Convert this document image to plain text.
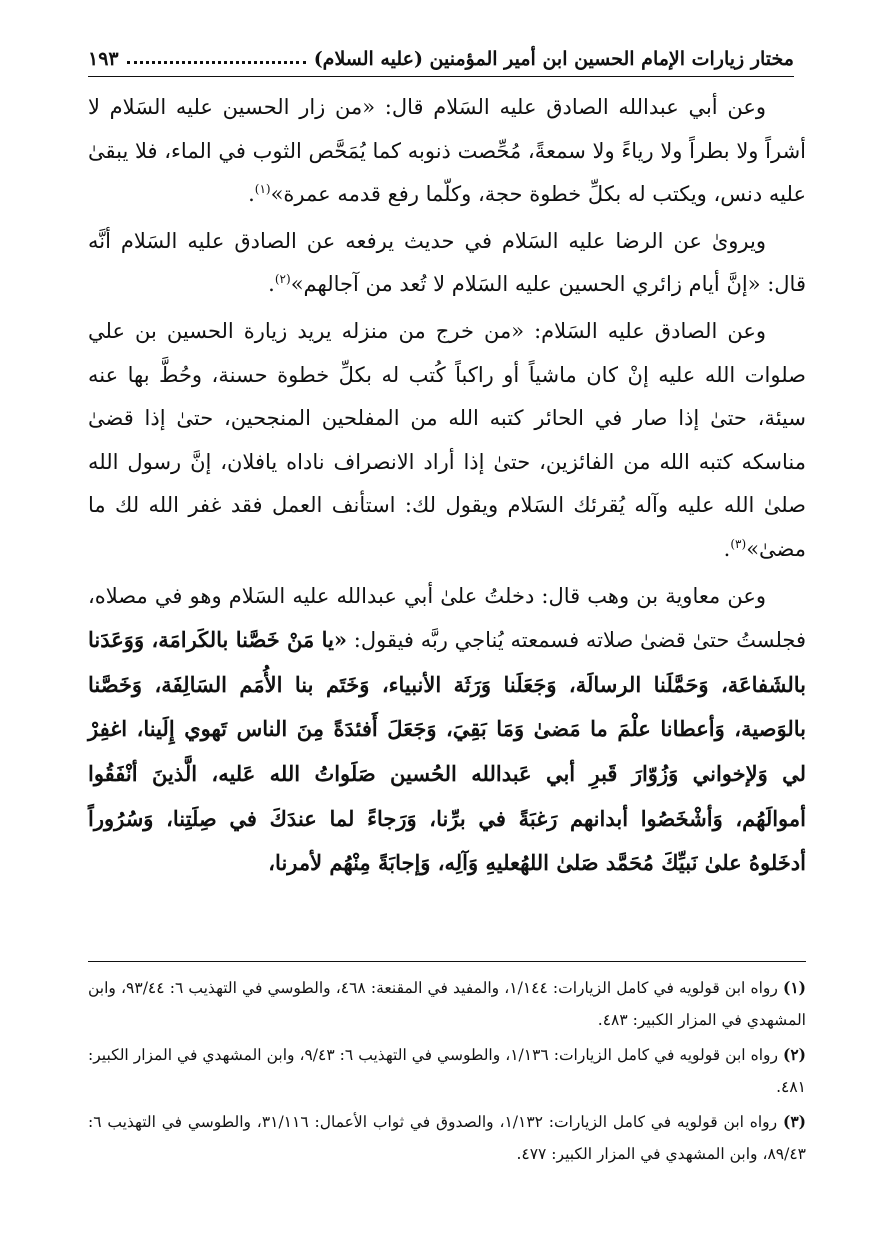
مختار زيارات الإمام الحسين ابن أمير المؤمنين (عليه السلام)
١٩٣

وعن أبي عبدالله الصادق عليه السَلام قال: «من زار الحسين عليه السَلام لا أشراً ولا بطراً ولا رياءً ولا سمعةً، مُحِّصت ذنوبه كما يُمَحَّص الثوب في الماء، فلا يبقىٰ عليه دنس، ويكتب له بكلِّ خطوة حجة، وكلّما رفع قدمه عمرة»$^{(١)}$.

ويروىٰ عن الرضا عليه السَلام في حديث يرفعه عن الصادق عليه السَلام أنَّه قال: «إنَّ أيام زائري الحسين عليه السَلام لا تُعد من آجالهم»$^{(٢)}$.

وعن الصادق عليه السَلام: «من خرج من منزله يريد زيارة الحسين بن علي صلوات الله عليه إنْ كان ماشياً أو راكباً كُتب له بكلِّ خطوة حسنة، وحُطَّ بها عنه سيئة، حتىٰ إذا صار في الحائر كتبه الله من المفلحين المنجحين، حتىٰ إذا قضىٰ مناسكه كتبه الله من الفائزين، حتىٰ إذا أراد الانصراف ناداه يافلان، إنَّ رسول الله صلىٰ الله عليه وآله يُقرئك السَلام ويقول لك: استأنف العمل فقد غفر الله لك ما مضىٰ»$^{(٣)}$.

وعن معاوية بن وهب قال: دخلتُ علىٰ أبي عبدالله عليه السَلام وهو في مصلاه، فجلستُ حتىٰ قضىٰ صلاته فسمعته يُناجي ربَّه فيقول: «يا مَنْ خَصَّنا بالكَرامَة، وَوَعَدَنا بالشَفاعَة، وَحَمَّلَنا الرسالَة، وَجَعَلَنا وَرَثَة الأنبياء، وَخَتَم بنا الأُمَم السَالِفَة، وَخَصَّنا بالوَصية، وَأعطانا علْمَ ما مَضىٰ وَمَا بَقِيَ، وَجَعَلَ أَفئدَةً مِنَ الناس تَهوي إِلَينا، اغفِرْ لي وَلإخواني وَزُوّارَ قَبرِ أبي عَبدالله الحُسين صَلَواتُ الله عَليه، الَّذينَ أنْفَقُوا أموالَهُم، وَأشْخَصُوا أبدانهم رَغبَةً في برِّنا، وَرَجاءً لما عندَكَ في صِلَتِنا، وَسُرُوراً أدخَلوهُ علىٰ نَبيِّكَ مُحَمَّد صَلىٰ اللهُعليهِ وَآلِه، وَإجابَةً مِنْهُم لأمرنا،

(١) رواه ابن قولويه في كامل الزيارات: ١/١٤٤، والمفيد في المقنعة: ٤٦٨، والطوسي في التهذيب ٦: ٩٣/٤٤، وابن المشهدي في المزار الكبير: ٤٨٣.

(٢) رواه ابن قولويه في كامل الزيارات: ١/١٣٦، والطوسي في التهذيب ٦: ٩/٤٣، وابن المشهدي في المزار الكبير: ٤٨١.

(٣) رواه ابن قولويه في كامل الزيارات: ١/١٣٢، والصدوق في ثواب الأعمال: ٣١/١١٦، والطوسي في التهذيب ٦: ٨٩/٤٣، وابن المشهدي في المزار الكبير: ٤٧٧.
